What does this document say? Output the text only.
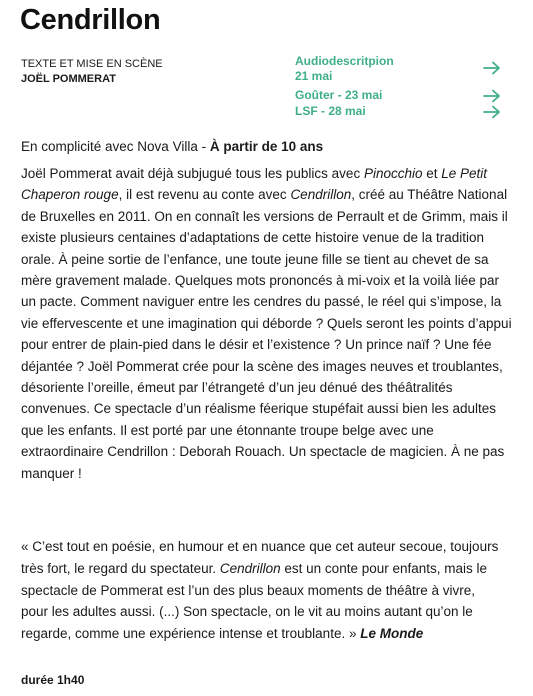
Cendrillon
TEXTE ET MISE EN SCÈNE
JOËL POMMERAT
Audiodescritpion
21 mai
Goûter - 23 mai
LSF - 28 mai
En complicité avec Nova Villa - À partir de 10 ans

Joël Pommerat avait déjà subjugué tous les publics avec Pinocchio et Le Petit Chaperon rouge, il est revenu au conte avec Cendrillon, créé au Théâtre National de Bruxelles en 2011. On en connaît les versions de Perrault et de Grimm, mais il existe plusieurs centaines d’adaptations de cette histoire venue de la tradition orale. À peine sortie de l’enfance, une toute jeune fille se tient au chevet de sa mère gravement malade. Quelques mots prononcés à mi-voix et la voilà liée par un pacte. Comment naviguer entre les cendres du passé, le réel qui s’impose, la vie effervescente et une imagination qui déborde ? Quels seront les points d’appui pour entrer de plain-pied dans le désir et l’existence ? Un prince naïf ? Une fée déjantée ? Joël Pommerat crée pour la scène des images neuves et troublantes, désoriente l’oreille, émeut par l’étrangeté d’un jeu dénué des théâtralités convenues. Ce spectacle d’un réalisme féerique stupéfait aussi bien les adultes que les enfants. Il est porté par une étonnante troupe belge avec une extraordinaire Cendrillon : Deborah Rouach. Un spectacle de magicien. À ne pas manquer !

« C’est tout en poésie, en humour et en nuance que cet auteur secoue, toujours très fort, le regard du spectateur. Cendrillon est un conte pour enfants, mais le spectacle de Pommerat est l’un des plus beaux moments de théâtre à vivre, pour les adultes aussi. (...) Son spectacle, on le vit au moins autant qu’on le regarde, comme une expérience intense et troublante. » Le Monde

durée 1h40
